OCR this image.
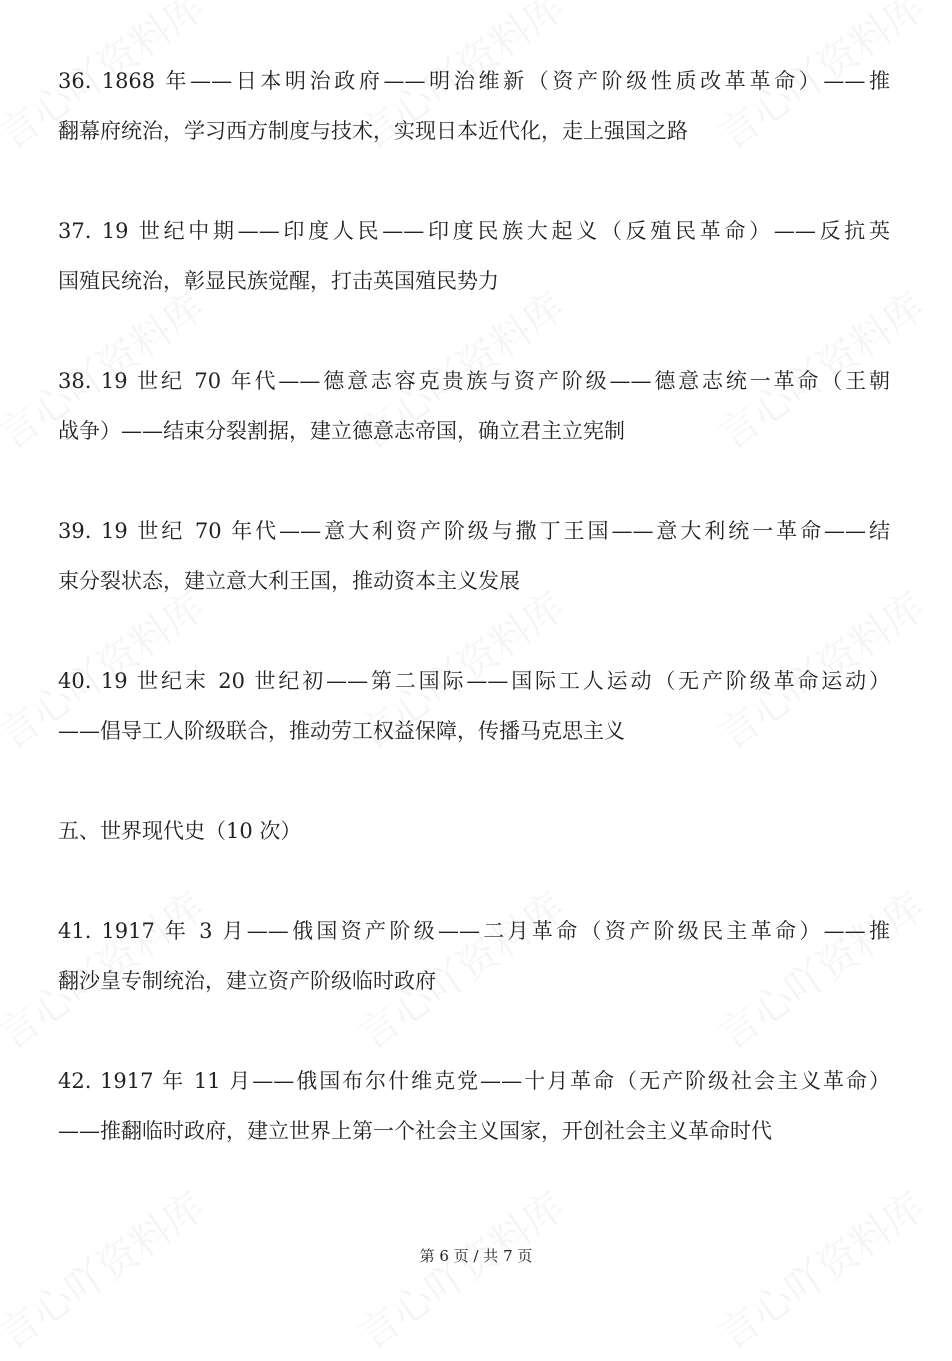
36. 1868 年——日本明治政府——明治维新（资产阶级性质改革革命）——推
翻幕府统治，学习西方制度与技术，实现日本近代化，走上强国之路
37. 19 世纪中期——印度人民——印度民族大起义（反殖民革命）——反抗英
国殖民统治，彰显民族觉醒，打击英国殖民势力
38. 19 世纪 70 年代——德意志容克贵族与资产阶级——德意志统一革命（王朝
战争）——结束分裂割据，建立德意志帝国，确立君主立宪制
39. 19 世纪 70 年代——意大利资产阶级与撒丁王国——意大利统一革命——结
束分裂状态，建立意大利王国，推动资本主义发展
40. 19 世纪末 20 世纪初——第二国际——国际工人运动（无产阶级革命运动）
——倡导工人阶级联合，推动劳工权益保障，传播马克思主义
五、世界现代史（10 次）
41. 1917 年 3 月——俄国资产阶级——二月革命（资产阶级民主革命）——推
翻沙皇专制统治，建立资产阶级临时政府
42. 1917 年 11 月——俄国布尔什维克党——十月革命（无产阶级社会主义革命）
——推翻临时政府，建立世界上第一个社会主义国家，开创社会主义革命时代
第 6 页 / 共 7 页
